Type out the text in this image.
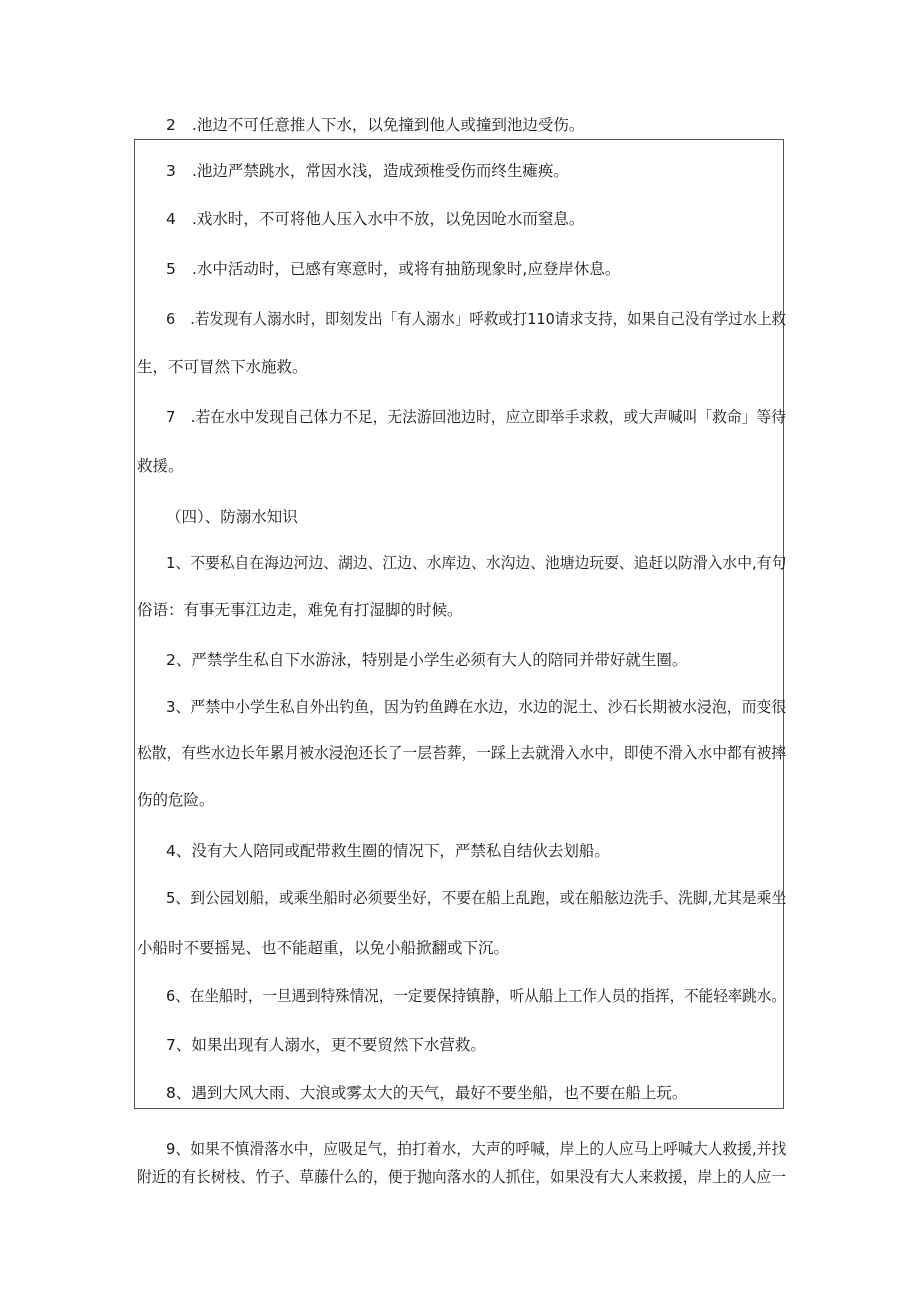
2 .池边不可任意推人下水，以免撞到他人或撞到池边受伤。
3 .池边严禁跳水，常因水浅，造成颈椎受伤而终生瘫痪。
4 .戏水时，不可将他人压入水中不放，以免因呛水而窒息。
5 .水中活动时，已感有寒意时，或将有抽筋现象时,应登岸休息。
6 .若发现有人溺水时，即刻发出「有人溺水」呼救或打110请求支持，如果自己没有学过水上救
生，不可冒然下水施救。
7 .若在水中发现自己体力不足，无法游回池边时，应立即举手求救，或大声喊叫「救命」等待
救援。
（四）、防溺水知识
1、不要私自在海边河边、湖边、江边、水库边、水沟边、池塘边玩耍、追赶以防滑入水中,有句
俗语：有事无事江边走，难免有打湿脚的时候。
2、严禁学生私自下水游泳，特别是小学生必须有大人的陪同并带好就生圈。
3、严禁中小学生私自外出钓鱼，因为钓鱼蹲在水边，水边的泥土、沙石长期被水浸泡，而变很
松散，有些水边长年累月被水浸泡还长了一层苔葬，一踩上去就滑入水中，即使不滑入水中都有被摔
伤的危险。
4、没有大人陪同或配带救生圈的情况下，严禁私自结伙去划船。
5、到公园划船，或乘坐船时必须要坐好，不要在船上乱跑，或在船舷边洗手、洗脚,尤其是乘坐
小船时不要摇晃、也不能超重，以免小船掀翻或下沉。
6、在坐船时，一旦遇到特殊情况，一定要保持镇静，听从船上工作人员的指挥，不能轻率跳水。
7、如果出现有人溺水，更不要贸然下水营救。
8、遇到大风大雨、大浪或雾太大的天气，最好不要坐船，也不要在船上玩。
9、如果不慎滑落水中，应吸足气，拍打着水，大声的呼喊，岸上的人应马上呼喊大人救援,并找
附近的有长树枝、竹子、草藤什么的，便于抛向落水的人抓住，如果没有大人来救援，岸上的人应一
